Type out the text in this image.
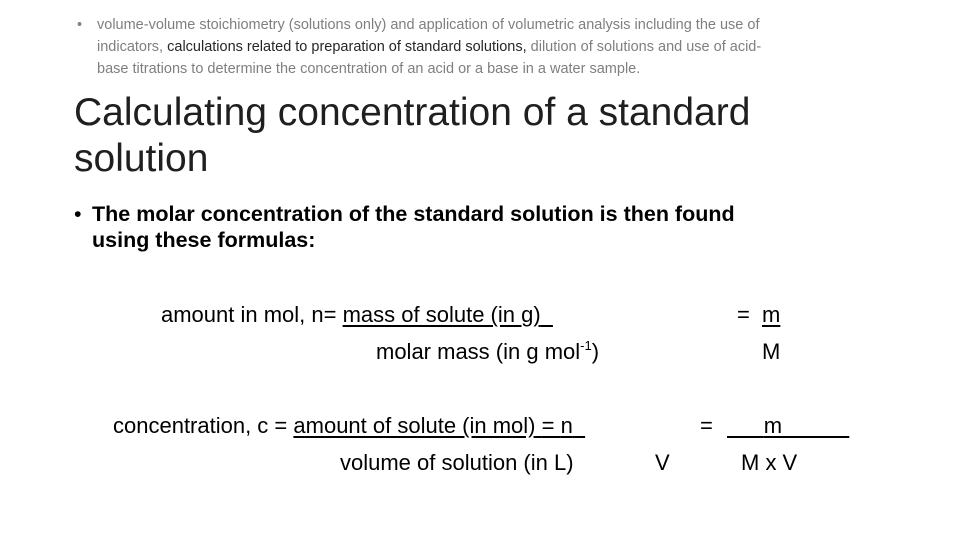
• volume-volume stoichiometry (solutions only) and application of volumetric analysis including the use of
indicators, calculations related to preparation of standard solutions, dilution of solutions and use of acid-
base titrations to determine the concentration of an acid or a base in a water sample.
Calculating concentration of a standard
solution
• The molar concentration of the standard solution is then found
using these formulas:
amount in mol, n= mass of solute (in g)
molar mass (in g mol$^{-1}$)
= m
M
concentration, c = amount of solute (in mol) = n
volume of solution (in L)	V
=	m
M x V
